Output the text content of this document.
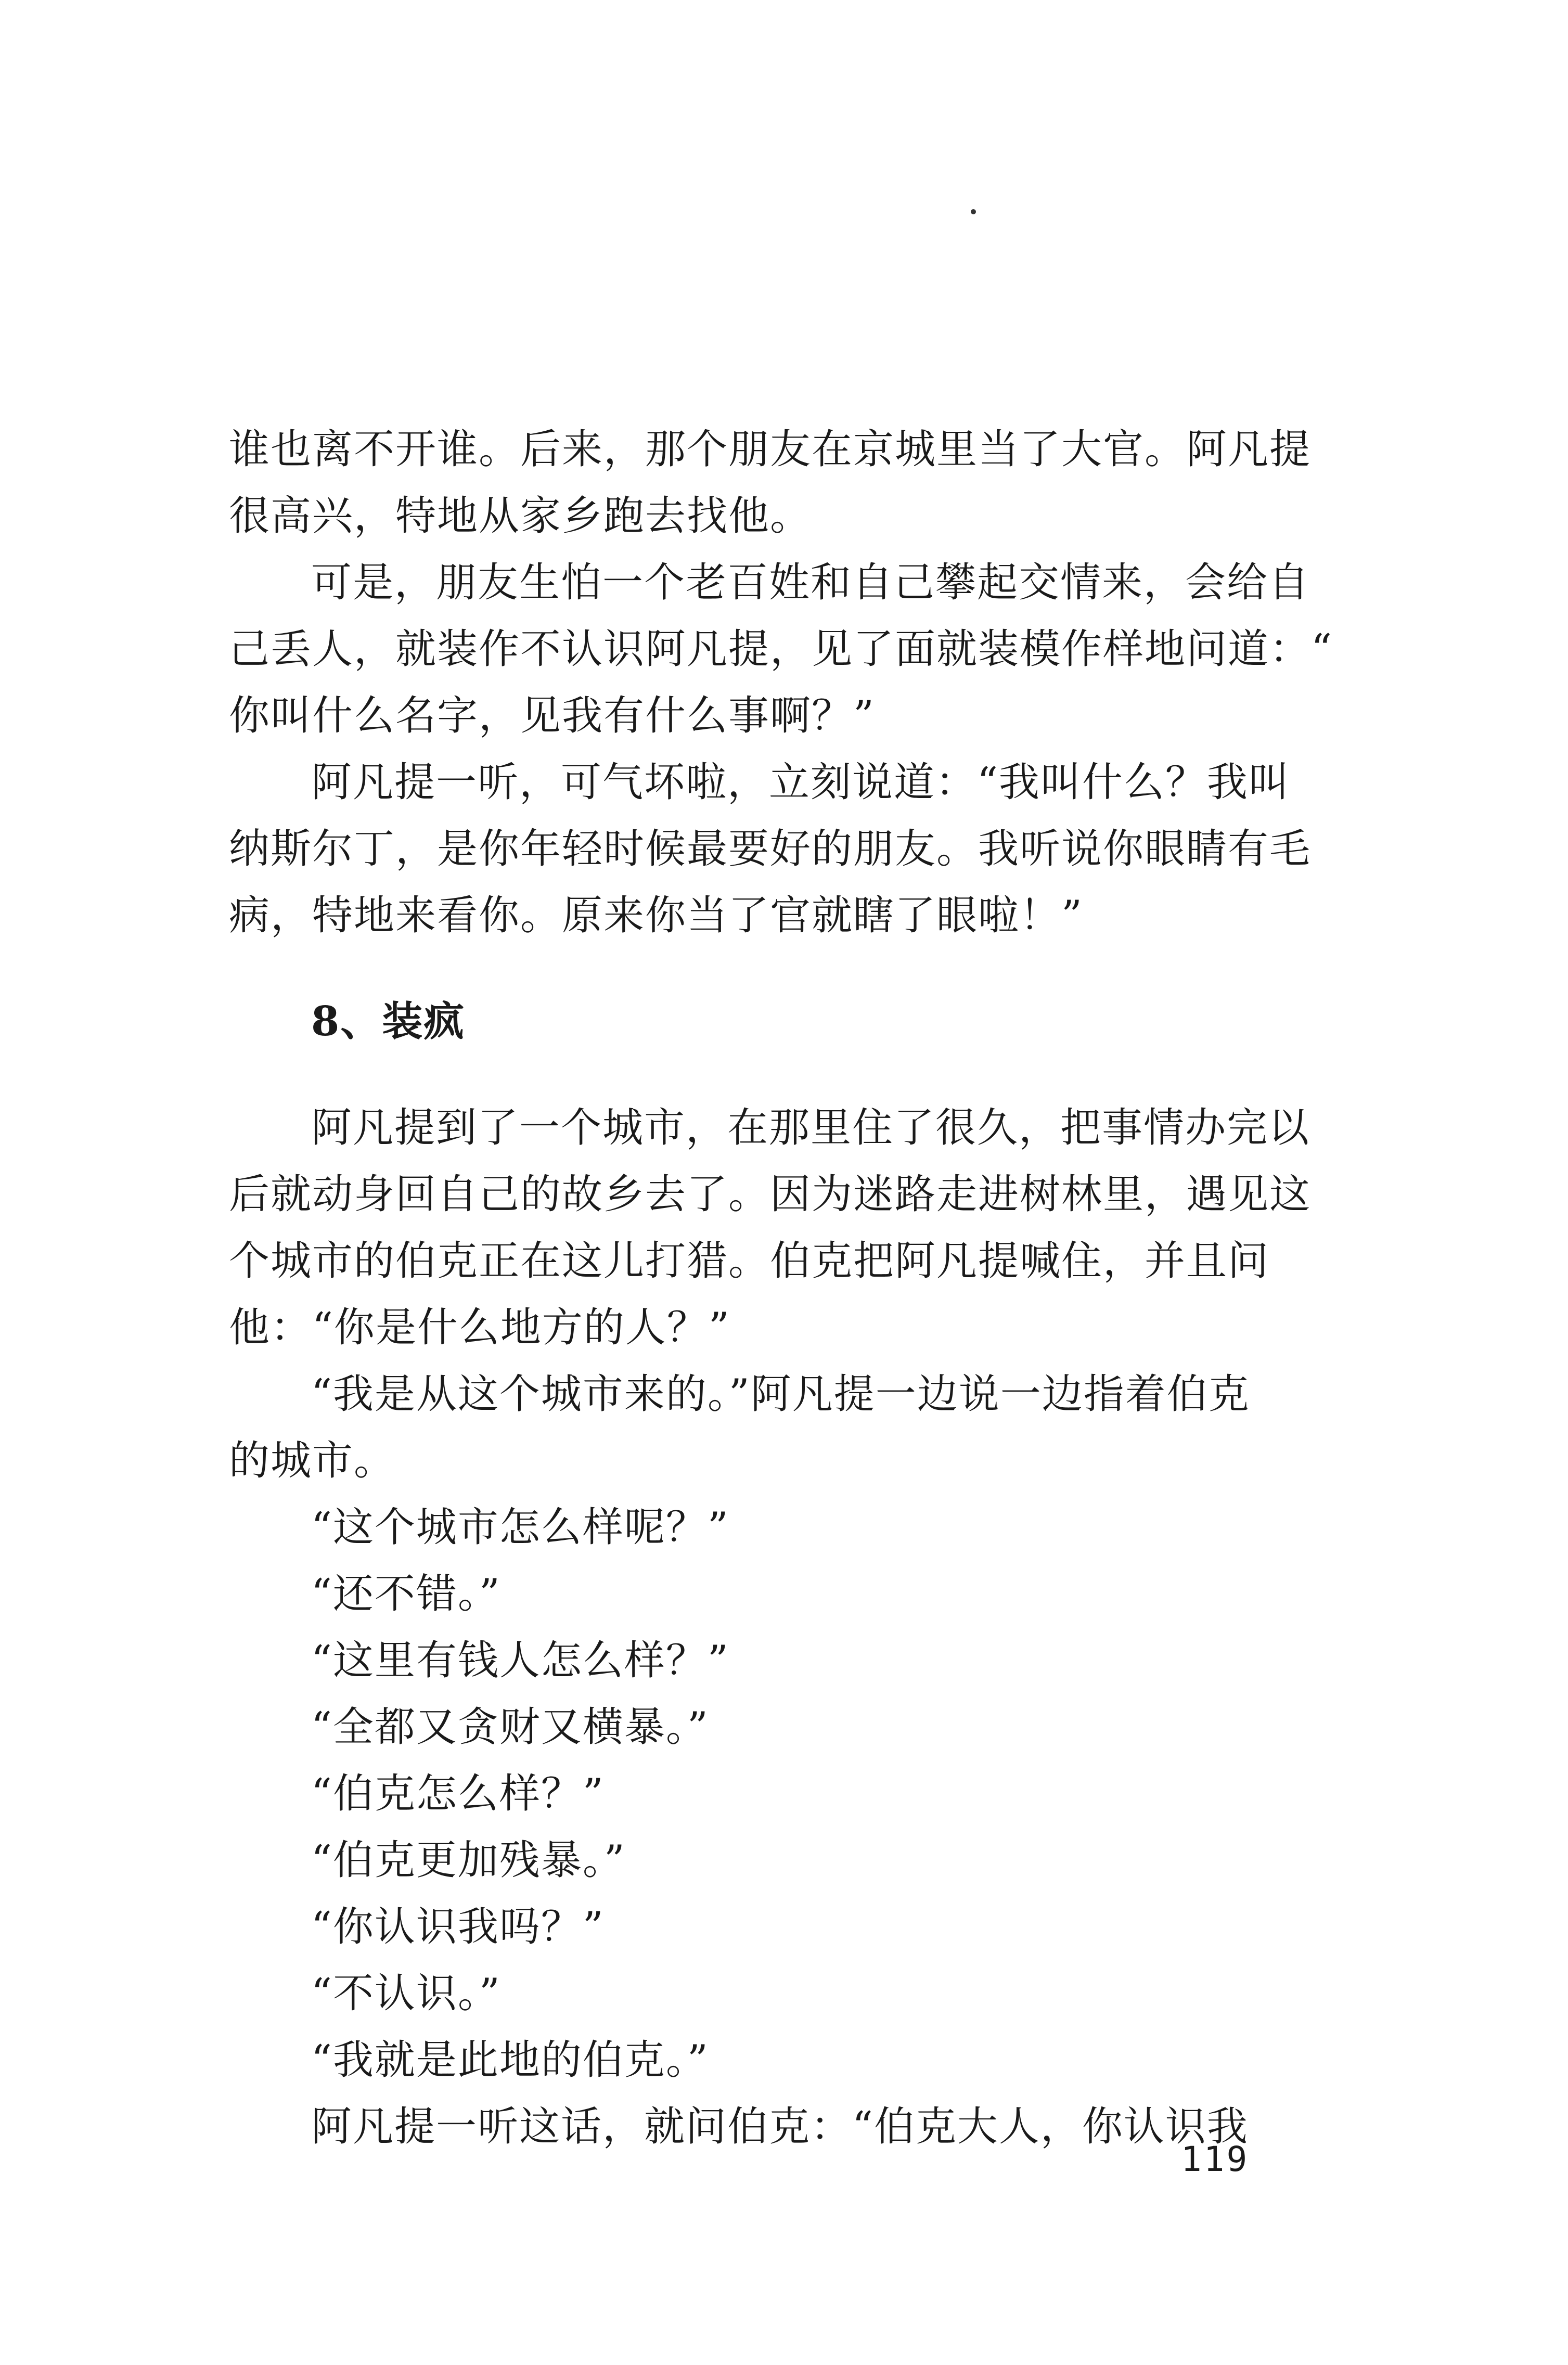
谁也离不开谁。后来，那个朋友在京城里当了大官。阿凡提
很高兴，特地从家乡跑去找他。
可是，朋友生怕一个老百姓和自己攀起交情来，会给自
己丢人，就装作不认识阿凡提，见了面就装模作样地问道：“
你叫什么名字，见我有什么事啊？”
阿凡提一听，可气坏啦，立刻说道：“我叫什么？我叫
纳斯尔丁，是你年轻时候最要好的朋友。我听说你眼睛有毛
病，特地来看你。原来你当了官就瞎了眼啦！”
8、装疯
阿凡提到了一个城市，在那里住了很久，把事情办完以
后就动身回自己的故乡去了。因为迷路走进树林里，遇见这
个城市的伯克正在这儿打猎。伯克把阿凡提喊住，并且问
他：“你是什么地方的人？”
“我是从这个城市来的。”阿凡提一边说一边指着伯克
的城市。
“这个城市怎么样呢？”
“还不错。”
“这里有钱人怎么样？”
“全都又贪财又横暴。”
“伯克怎么样？”
“伯克更加残暴。”
“你认识我吗？”
“不认识。”
“我就是此地的伯克。”
阿凡提一听这话，就问伯克：“伯克大人，你认识我
119
